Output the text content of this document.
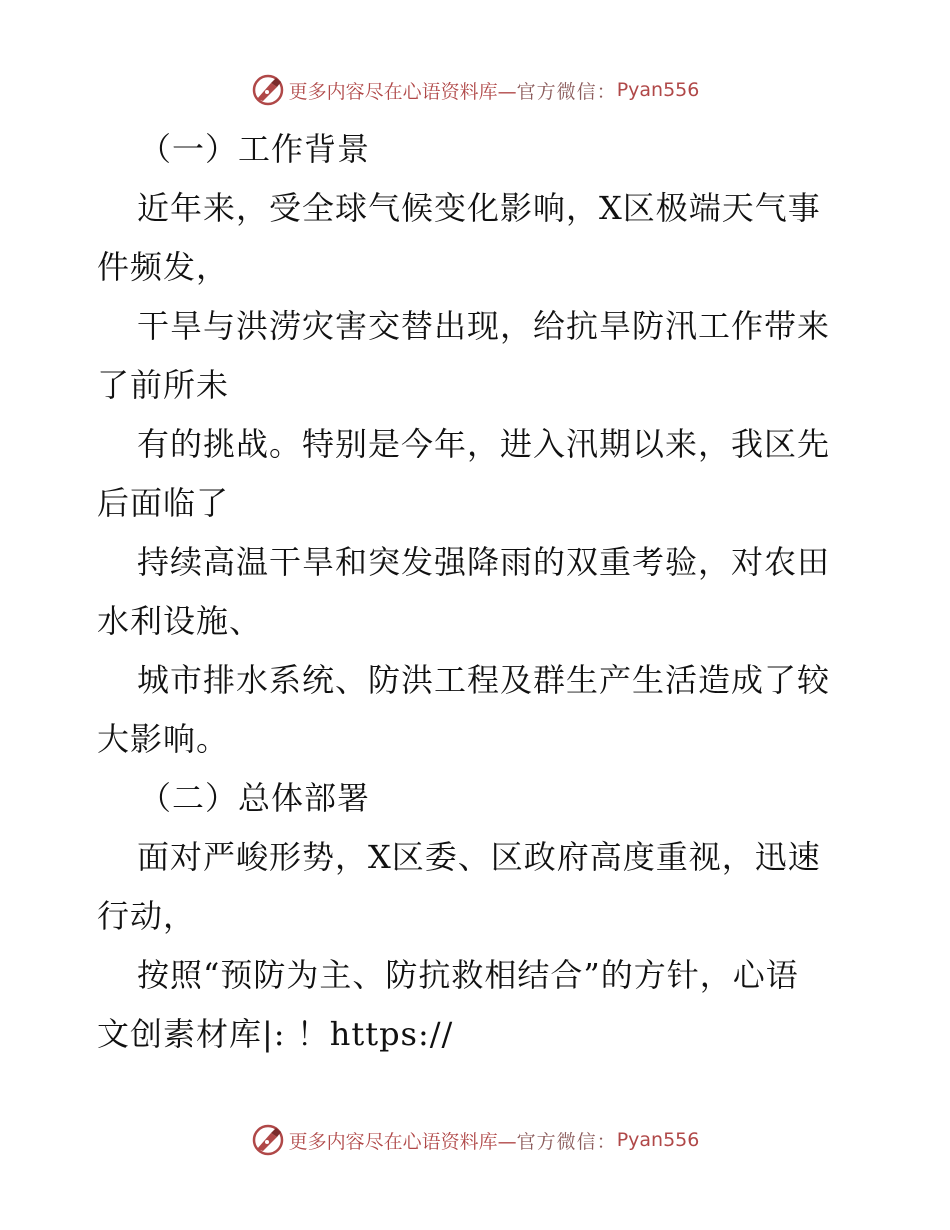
更多内容尽在心语资料库— 官方微信： Pyan556
（一）工作背景
近年来，受全球气候变化影响，X区极端天气事
件频发，
干旱与洪涝灾害交替出现，给抗旱防汛工作带来
了前所未
有的挑战。特别是今年，进入汛期以来，我区先
后面临了
持续高温干旱和突发强降雨的双重考验，对农田
水利设施、
城市排水系统、防洪工程及群生产生活造成了较
大影响。
（二）总体部署
面对严峻形势，X区委、区政府高度重视，迅速
行动，
按照“预防为主、防抗救相结合”的方针，心语
文创素材库|: ！https://
更多内容尽在心语资料库— 官方微信： Pyan556
